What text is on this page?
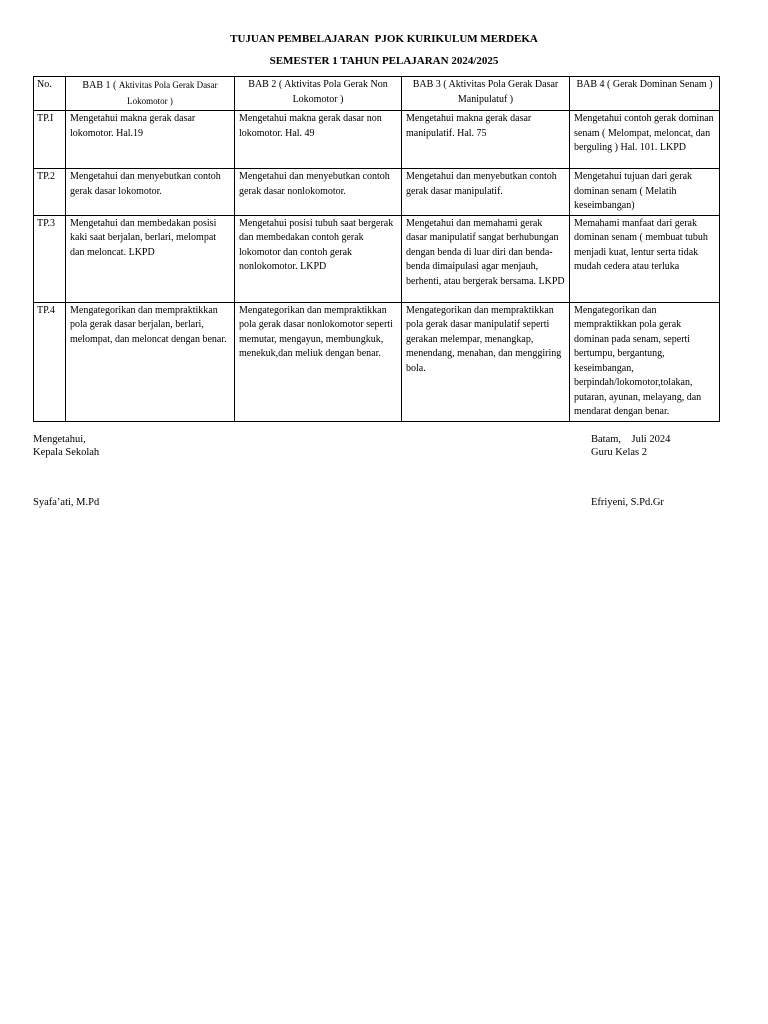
TUJUAN PEMBELAJARAN  PJOK KURIKULUM MERDEKA
SEMESTER 1 TAHUN PELAJARAN 2024/2025
No.	BAB 1 ( Aktivitas Pola Gerak Dasar Lokomotor )	BAB 2 ( Aktivitas Pola Gerak Non Lokomotor )	BAB 3 ( Aktivitas Pola Gerak Dasar Manipulatuf )	BAB 4 ( Gerak Dominan Senam )
TP.I	Mengetahui makna gerak dasar lokomotor. Hal.19	Mengetahui makna gerak dasar non lokomotor. Hal. 49	Mengetahui makna gerak dasar manipulatif. Hal. 75	Mengetahui contoh gerak dominan senam ( Melompat, meloncat, dan berguling ) Hal. 101. LKPD
TP.2	Mengetahui dan menyebutkan contoh gerak dasar lokomotor.	Mengetahui dan menyebutkan contoh gerak dasar nonlokomotor.	Mengetahui dan menyebutkan contoh gerak dasar manipulatif.	Mengetahui tujuan dari gerak dominan senam ( Melatih keseimbangan)
TP.3	Mengetahui dan membedakan posisi kaki saat berjalan, berlari, melompat dan meloncat. LKPD	Mengetahui posisi tubuh saat bergerak dan membedakan contoh gerak lokomotor dan contoh gerak nonlokomotor. LKPD	Mengetahui dan memahami gerak dasar manipulatif sangat berhubungan dengan benda di luar diri dan benda-benda dimaipulasi agar menjauh, berhenti, atau bergerak bersama. LKPD	Memahami manfaat dari gerak dominan senam ( membuat tubuh menjadi kuat, lentur serta tidak mudah cedera atau terluka
TP.4	Mengategorikan dan mempraktikkan pola gerak dasar berjalan, berlari, melompat, dan meloncat dengan benar.	Mengategorikan dan mempraktikkan pola gerak dasar nonlokomotor seperti memutar, mengayun, membungkuk, menekuk,dan meliuk dengan benar.	Mengategorikan dan mempraktikkan pola gerak dasar manipulatif seperti gerakan melempar, menangkap, menendang, menahan, dan menggiring bola.	Mengategorikan dan mempraktikkan pola gerak dominan pada senam, seperti bertumpu, bergantung, keseimbangan, berpindah/lokomotor,tolakan, putaran, ayunan, melayang, dan mendarat dengan benar.
Mengetahui,
Kepala Sekolah
Syafa’ati, M.Pd
Batam,    Juli 2024
Guru Kelas 2
Efriyeni, S.Pd.Gr
